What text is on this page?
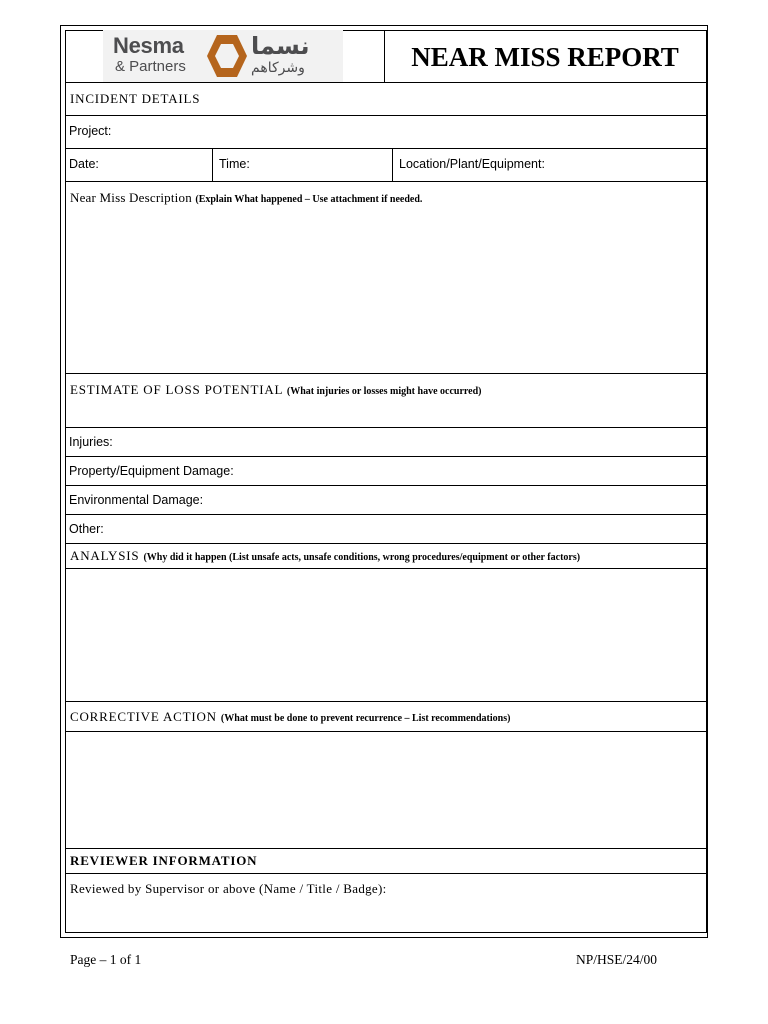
Nesma
& Partners
نسما
وشركاهم	NEAR MISS REPORT
INCIDENT DETAILS
Project:
Date:	Time:	Location/Plant/Equipment:
Near Miss Description (Explain What happened – Use attachment if needed.
ESTIMATE OF LOSS POTENTIAL (What injuries or losses might have occurred)
Injuries:
Property/Equipment Damage:
Environmental Damage:
Other:
ANALYSIS (Why did it happen (List unsafe acts, unsafe conditions, wrong procedures/equipment or other factors)
CORRECTIVE ACTION (What must be done to prevent recurrence – List recommendations)
REVIEWER INFORMATION
Reviewed by Supervisor or above (Name / Title / Badge):
Page – 1 of 1	NP/HSE/24/00
